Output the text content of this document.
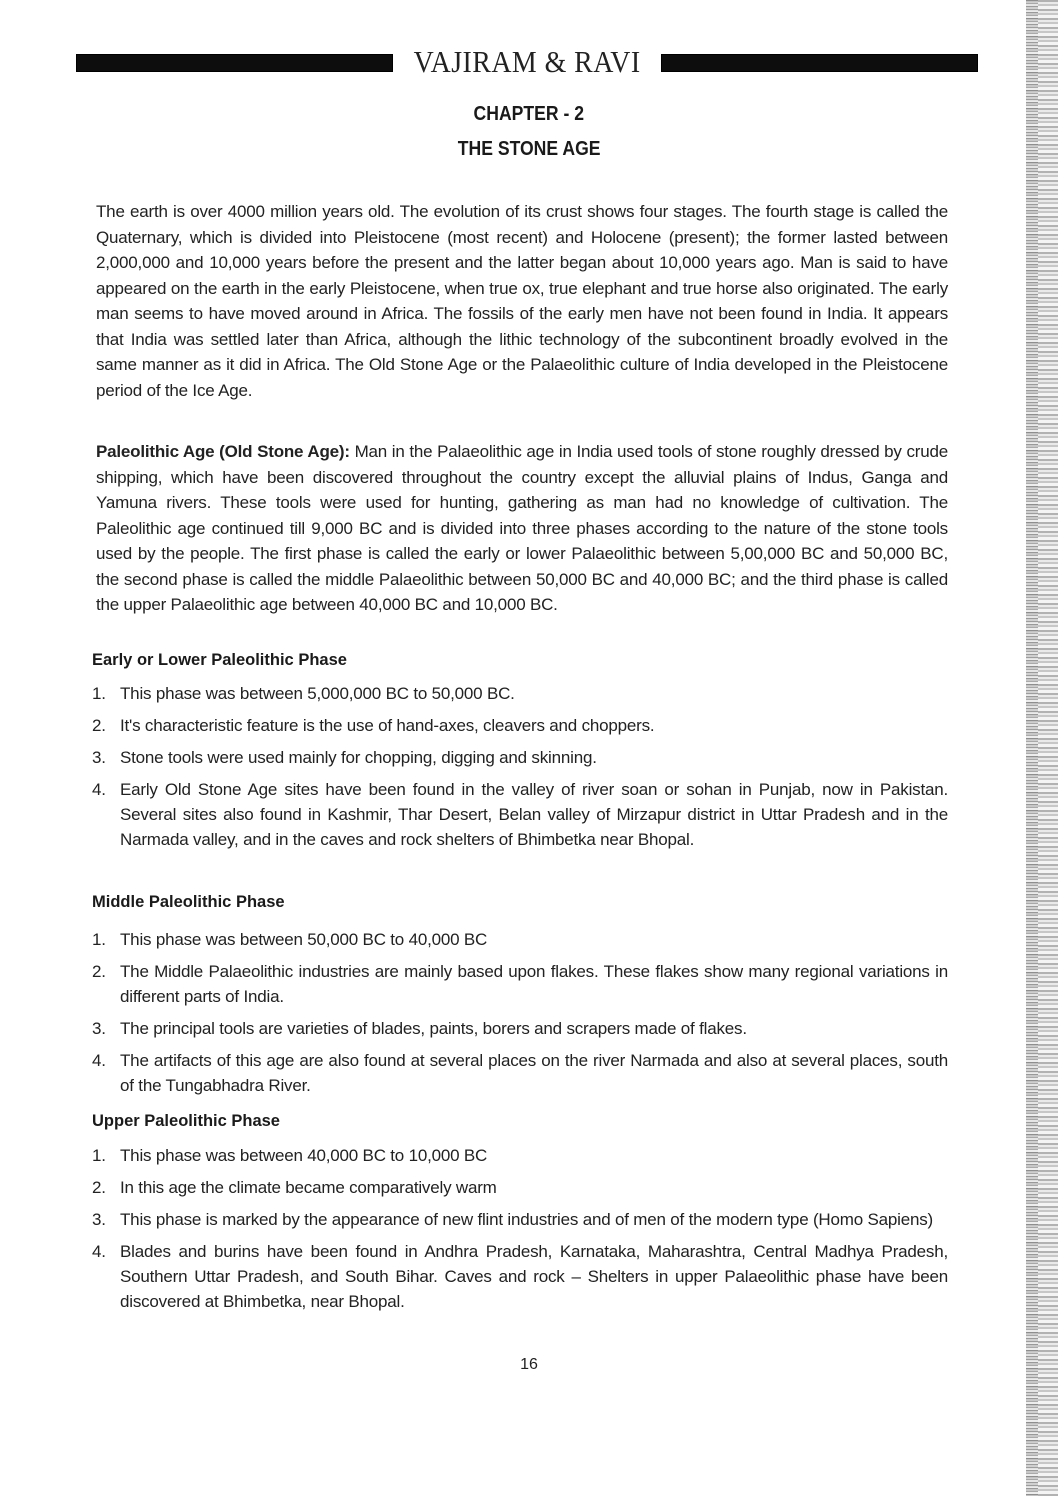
VAJIRAM & RAVI
CHAPTER - 2
THE STONE AGE

The earth is over 4000 million years old. The evolution of its crust shows four stages. The fourth stage is called the Quaternary, which is divided into Pleistocene (most recent) and Holocene (present); the former lasted between 2,000,000 and 10,000 years before the present and the latter began about 10,000 years ago. Man is said to have appeared on the earth in the early Pleistocene, when true ox, true elephant and true horse also originated. The early man seems to have moved around in Africa. The fossils of the early men have not been found in India. It appears that India was settled later than Africa, although the lithic technology of the subcontinent broadly evolved in the same manner as it did in Africa. The Old Stone Age or the Palaeolithic culture of India developed in the Pleistocene period of the Ice Age.

Paleolithic Age (Old Stone Age): Man in the Palaeolithic age in India used tools of stone roughly dressed by crude shipping, which have been discovered throughout the country except the alluvial plains of Indus, Ganga and Yamuna rivers. These tools were used for hunting, gathering as man had no knowledge of cultivation. The Paleolithic age continued till 9,000 BC and is divided into three phases according to the nature of the stone tools used by the people. The first phase is called the early or lower Palaeolithic between 5,00,000 BC and 50,000 BC, the second phase is called the middle Palaeolithic between 50,000 BC and 40,000 BC; and the third phase is called the upper Palaeolithic age between 40,000 BC and 10,000 BC.

Early or Lower Paleolithic Phase
1. This phase was between 5,000,000 BC to 50,000 BC.
2. It's characteristic feature is the use of hand-axes, cleavers and choppers.
3. Stone tools were used mainly for chopping, digging and skinning.
4. Early Old Stone Age sites have been found in the valley of river soan or sohan in Punjab, now in Pakistan. Several sites also found in Kashmir, Thar Desert, Belan valley of Mirzapur district in Uttar Pradesh and in the Narmada valley, and in the caves and rock shelters of Bhimbetka near Bhopal.
Middle Paleolithic Phase
1. This phase was between 50,000 BC to 40,000 BC
2. The Middle Palaeolithic industries are mainly based upon flakes. These flakes show many regional variations in different parts of India.
3. The principal tools are varieties of blades, paints, borers and scrapers made of flakes.
4. The artifacts of this age are also found at several places on the river Narmada and also at several places, south of the Tungabhadra River.
Upper Paleolithic Phase
1. This phase was between 40,000 BC to 10,000 BC
2. In this age the climate became comparatively warm
3. This phase is marked by the appearance of new flint industries and of men of the modern type (Homo Sapiens)
4. Blades and burins have been found in Andhra Pradesh, Karnataka, Maharashtra, Central Madhya Pradesh, Southern Uttar Pradesh, and South Bihar. Caves and rock – Shelters in upper Palaeolithic phase have been discovered at Bhimbetka, near Bhopal.
16
